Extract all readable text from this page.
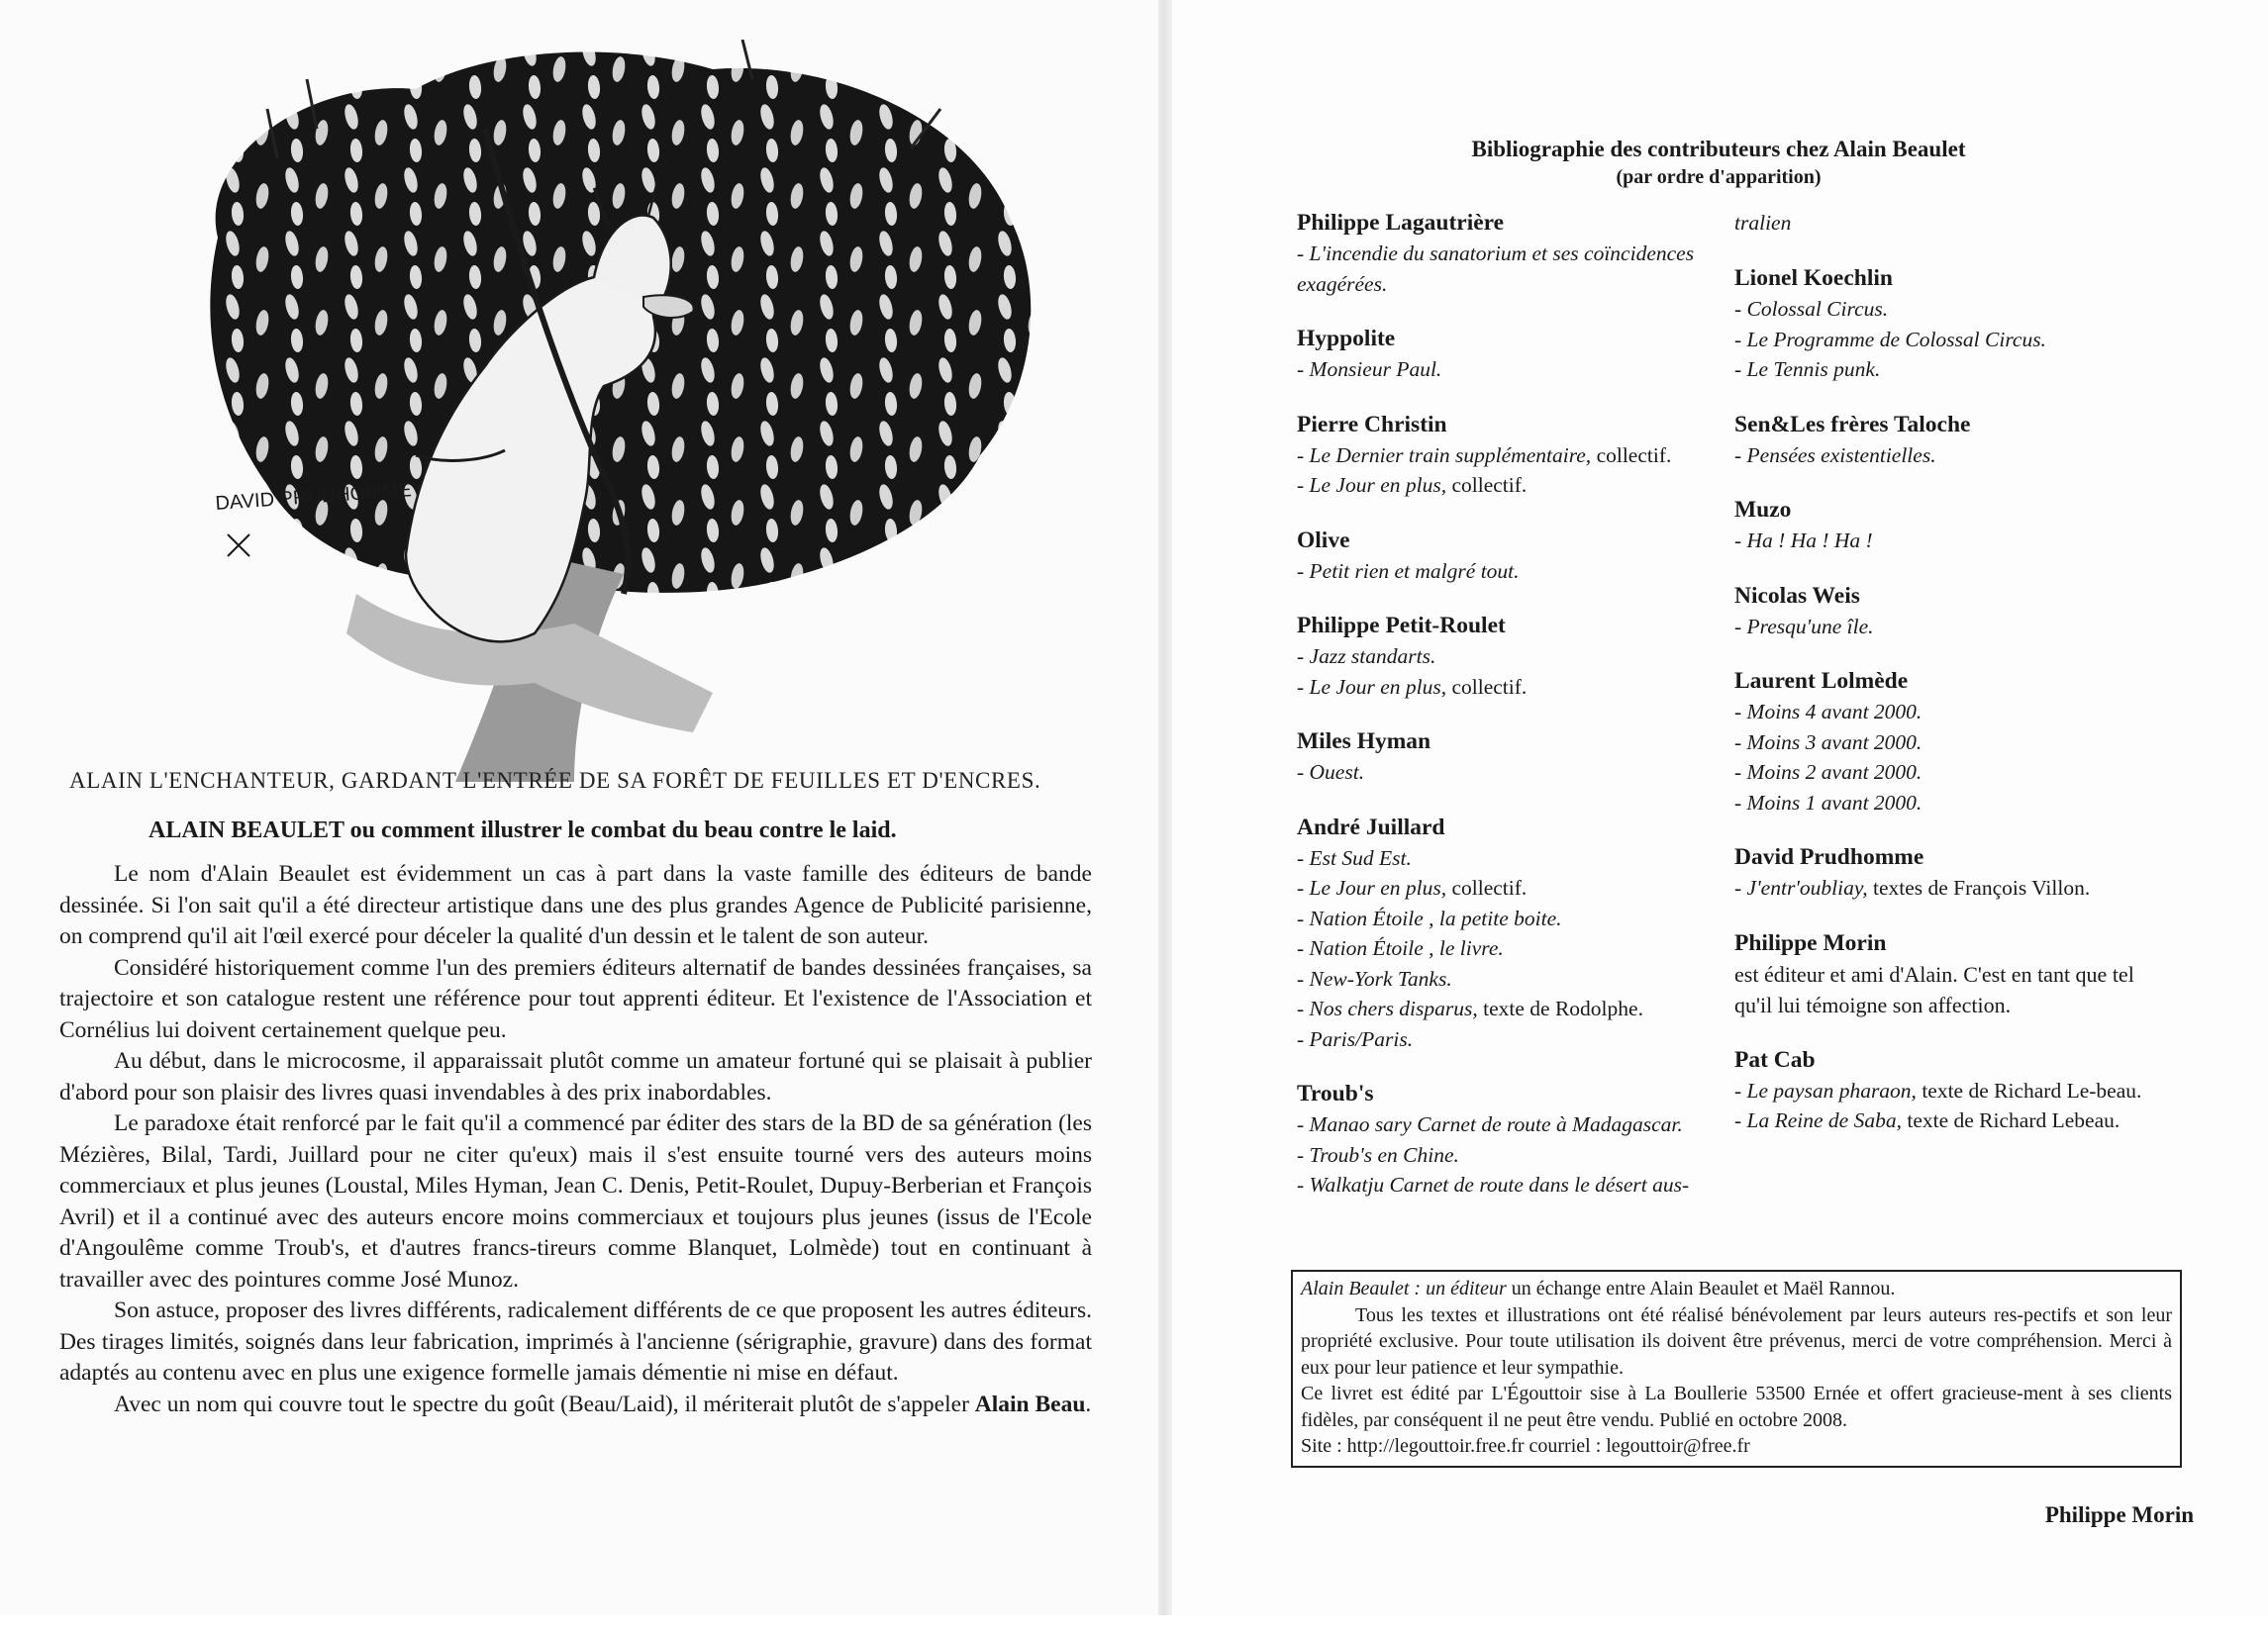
DAVID PRUDHOMME
ALAIN L'ENCHANTEUR, GARDANT L'ENTRÉE DE SA FORÊT DE FEUILLES ET D'ENCRES.
ALAIN BEAULET ou comment illustrer le combat du beau contre le laid.

Le nom d'Alain Beaulet est évidemment un cas à part dans la vaste famille des éditeurs de bande dessinée. Si l'on sait qu'il a été directeur artistique dans une des plus grandes Agence de Publicité parisienne, on comprend qu'il ait l'œil exercé pour déceler la qualité d'un dessin et le talent de son auteur.

Considéré historiquement comme l'un des premiers éditeurs alternatif de bandes dessinées françaises, sa trajectoire et son catalogue restent une référence pour tout apprenti éditeur. Et l'existence de l'Association et Cornélius lui doivent certainement quelque peu.

Au début, dans le microcosme, il apparaissait plutôt comme un amateur fortuné qui se plaisait à publier d'abord pour son plaisir des livres quasi invendables à des prix inabordables.

Le paradoxe était renforcé par le fait qu'il a commencé par éditer des stars de la BD de sa génération (les Mézières, Bilal, Tardi, Juillard pour ne citer qu'eux) mais il s'est ensuite tourné vers des auteurs moins commerciaux et plus jeunes (Loustal, Miles Hyman, Jean C. Denis, Petit-Roulet, Dupuy-Berberian et François Avril) et il a continué avec des auteurs encore moins commerciaux et toujours plus jeunes (issus de l'Ecole d'Angoulême comme Troub's, et d'autres francs-tireurs comme Blanquet, Lolmède) tout en continuant à travailler avec des pointures comme José Munoz.

Son astuce, proposer des livres différents, radicalement différents de ce que proposent les autres éditeurs. Des tirages limités, soignés dans leur fabrication, imprimés à l'ancienne (sérigraphie, gravure) dans des format adaptés au contenu avec en plus une exigence formelle jamais démentie ni mise en défaut.

Avec un nom qui couvre tout le spectre du goût (Beau/Laid), il mériterait plutôt de s'appeler Alain Beau.

Philippe Morin
Bibliographie des contributeurs chez Alain Beaulet
(par ordre d'apparition)
Philippe Lagautrière
- L'incendie du sanatorium et ses coïncidences exagérées.
Hyppolite
- Monsieur Paul.
Pierre Christin
- Le Dernier train supplémentaire, collectif.
- Le Jour en plus, collectif.
Olive
- Petit rien et malgré tout.
Philippe Petit-Roulet
- Jazz standarts.
- Le Jour en plus, collectif.
Miles Hyman
- Ouest.
André Juillard
- Est Sud Est.
- Le Jour en plus, collectif.
- Nation Étoile , la petite boite.
- Nation Étoile , le livre.
- New-York Tanks.
- Nos chers disparus, texte de Rodolphe.
- Paris/Paris.
Troub's
- Manao sary Carnet de route à Madagascar.
- Troub's en Chine.
- Walkatju Carnet de route dans le désert aus-
tralien
Lionel Koechlin
- Colossal Circus.
- Le Programme de Colossal Circus.
- Le Tennis punk.
Sen&Les frères Taloche
- Pensées existentielles.
Muzo
- Ha ! Ha ! Ha !
Nicolas Weis
- Presqu'une île.
Laurent Lolmède
- Moins 4 avant 2000.
- Moins 3 avant 2000.
- Moins 2 avant 2000.
- Moins 1 avant 2000.
David Prudhomme
- J'entr'oubliay, textes de François Villon.
Philippe Morin
est éditeur et ami d'Alain. C'est en tant que tel qu'il lui témoigne son affection.
Pat Cab
- Le paysan pharaon, texte de Richard Le-beau.
- La Reine de Saba, texte de Richard Lebeau.

Alain Beaulet : un éditeur un échange entre Alain Beaulet et Maël Rannou.

Tous les textes et illustrations ont été réalisé bénévolement par leurs auteurs res-pectifs et son leur propriété exclusive. Pour toute utilisation ils doivent être prévenus, merci de votre compréhension. Merci à eux pour leur patience et leur sympathie.

Ce livret est édité par L'Égouttoir sise à La Boullerie 53500 Ernée et offert gracieuse-ment à ses clients fidèles, par conséquent il ne peut être vendu. Publié en octobre 2008.

Site : http://legouttoir.free.fr courriel : legouttoir@free.fr
